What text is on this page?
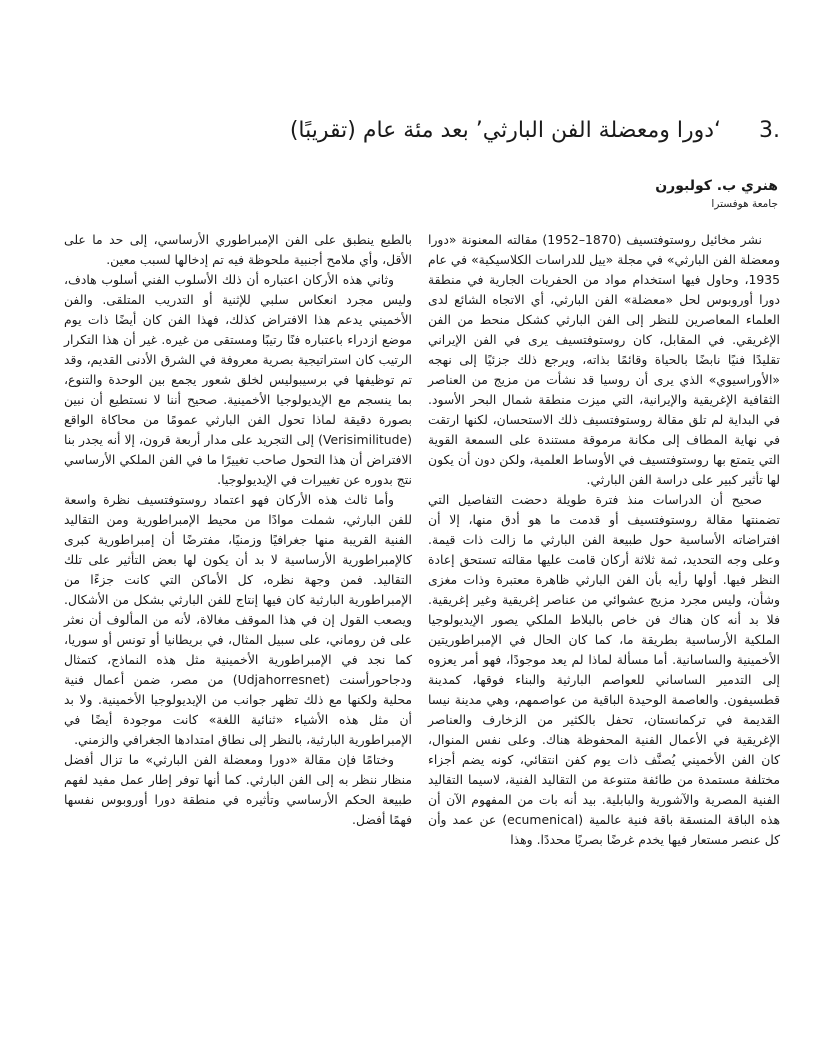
3.
‘دورا ومعضلة الفن البارثي’ بعد مئة عام (تقريبًا)

هنري ب. كولبورن

جامعة هوفسترا

نشر مخائيل روستوفتسيف (1870–1952) مقالته المعنونة «دورا ومعضلة الفن البارثي» في مجلة «ييل للدراسات الكلاسيكية» في عام 1935، وحاول فيها استخدام مواد من الحفريات الجارية في منطقة دورا أوروبوس لحل «معضلة» الفن البارثي، أي الاتجاه الشائع لدى العلماء المعاصرين للنظر إلى الفن البارثي كشكل منحط من الفن الإغريقي. في المقابل، كان روستوفتسيف يرى في الفن الإيراني تقليدًا فنيًا نابضًا بالحياة وقائمًا بذاته، ويرجع ذلك جزئيًا إلى نهجه «الأوراسيوي» الذي يرى أن روسيا قد نشأت من مزيج من العناصر الثقافية الإغريقية والإيرانية، التي ميزت منطقة شمال البحر الأسود. في البداية لم تلق مقالة روستوفتسيف ذلك الاستحسان، لكنها ارتقت في نهاية المطاف إلى مكانة مرموقة مستندة على السمعة القوية التي يتمتع بها روستوفتسيف في الأوساط العلمية، ولكن دون أن يكون لها تأثير كبير على دراسة الفن البارثي.

صحيح أن الدراسات منذ فترة طويلة دحضت التفاصيل التي تضمنتها مقالة روستوفتسيف أو قدمت ما هو أدق منها، إلا أن افتراضاته الأساسية حول طبيعة الفن البارثي ما زالت ذات قيمة. وعلى وجه التحديد، ثمة ثلاثة أركان قامت عليها مقالته تستحق إعادة النظر فيها. أولها رأيه بأن الفن البارثي ظاهرة معتبرة وذات مغزى وشأن، وليس مجرد مزيج عشوائي من عناصر إغريقية وغير إغريقية. فلا بد أنه كان هناك فن خاص بالبلاط الملكي يصور الإيديولوجيا الملكية الأرساسية بطريقة ما، كما كان الحال في الإمبراطوريتين الأخمينية والساسانية. أما مسألة لماذا لم يعد موجودًا، فهو أمر يعزوه إلى التدمير الساساني للعواصم البارثية والبناء فوقها، كمدينة قطسيفون. والعاصمة الوحيدة الباقية من عواصمهم، وهي مدينة نيسا القديمة في تركمانستان، تحفل بالكثير من الزخارف والعناصر الإغريقية في الأعمال الفنية المحفوظة هناك. وعلى نفس المنوال، كان الفن الأخميني يُصنَّف ذات يوم كفن انتقائي، كونه يضم أجزاء مختلفة مستمدة من طائفة متنوعة من التقاليد الفنية، لاسيما التقاليد الفنية المصرية والآشورية والبابلية. بيد أنه بات من المفهوم الآن أن هذه الباقة المنسقة باقة فنية عالمية (ecumenical) عن عمد وأن كل عنصر مستعار فيها يخدم غرضًا بصريًا محددًا. وهذا

بالطبع ينطبق على الفن الإمبراطوري الأرساسي، إلى حد ما على الأقل، وأي ملامح أجنبية ملحوظة فيه تم إدخالها لسبب معين.

وثاني هذه الأركان اعتباره أن ذلك الأسلوب الفني أسلوب هادف، وليس مجرد انعكاس سلبي للإثنية أو التدريب المتلقى. والفن الأخميني يدعم هذا الافتراض كذلك، فهذا الفن كان أيضًا ذات يوم موضع ازدراء باعتباره فنًا رتيبًا ومستقى من غيره. غير أن هذا التكرار الرتيب كان استراتيجية بصرية معروفة في الشرق الأدنى القديم، وقد تم توظيفها في برسيبوليس لخلق شعور يجمع بين الوحدة والتنوع، بما ينسجم مع الإيديولوجيا الأخمينية. صحيح أننا لا نستطيع أن نبين بصورة دقيقة لماذا تحول الفن البارثي عمومًا من محاكاة الواقع (Verisimilitude) إلى التجريد على مدار أربعة قرون، إلا أنه يجدر بنا الافتراض أن هذا التحول صاحب تغييرًا ما في الفن الملكي الأرساسي نتج بدوره عن تغييرات في الإيديولوجيا.

وأما ثالث هذه الأركان فهو اعتماد روستوفتسيف نظرة واسعة للفن البارثي، شملت موادًا من محيط الإمبراطورية ومن التقاليد الفنية القريبة منها جغرافيًا وزمنيًا، مفترضًا أن إمبراطورية كبرى كالإمبراطورية الأرساسية لا بد أن يكون لها بعض التأثير على تلك التقاليد. فمن وجهة نظره، كل الأماكن التي كانت جزءًا من الإمبراطورية البارثية كان فيها إنتاج للفن البارثي بشكل من الأشكال. ويصعب القول إن في هذا الموقف مغالاة، لأنه من المألوف أن نعثر على فن روماني، على سبيل المثال، في بريطانيا أو تونس أو سوريا، كما نجد في الإمبراطورية الأخمينية مثل هذه النماذج، كتمثال ودجاحورأسنت (Udjahorresnet) من مصر، ضمن أعمال فنية محلية ولكنها مع ذلك تظهر جوانب من الإيديولوجيا الأخمينية. ولا بد أن مثل هذه الأشياء «ثنائية اللغة» كانت موجودة أيضًا في الإمبراطورية البارثية، بالنظر إلى نطاق امتدادها الجغرافي والزمني.

وختامًا فإن مقالة «دورا ومعضلة الفن البارثي» ما تزال أفضل منظار ننظر به إلى الفن البارثي. كما أنها توفر إطار عمل مفيد لفهم طبيعة الحكم الأرساسي وتأثيره في منطقة دورا أوروبوس نفسها فهمًا أفضل.
